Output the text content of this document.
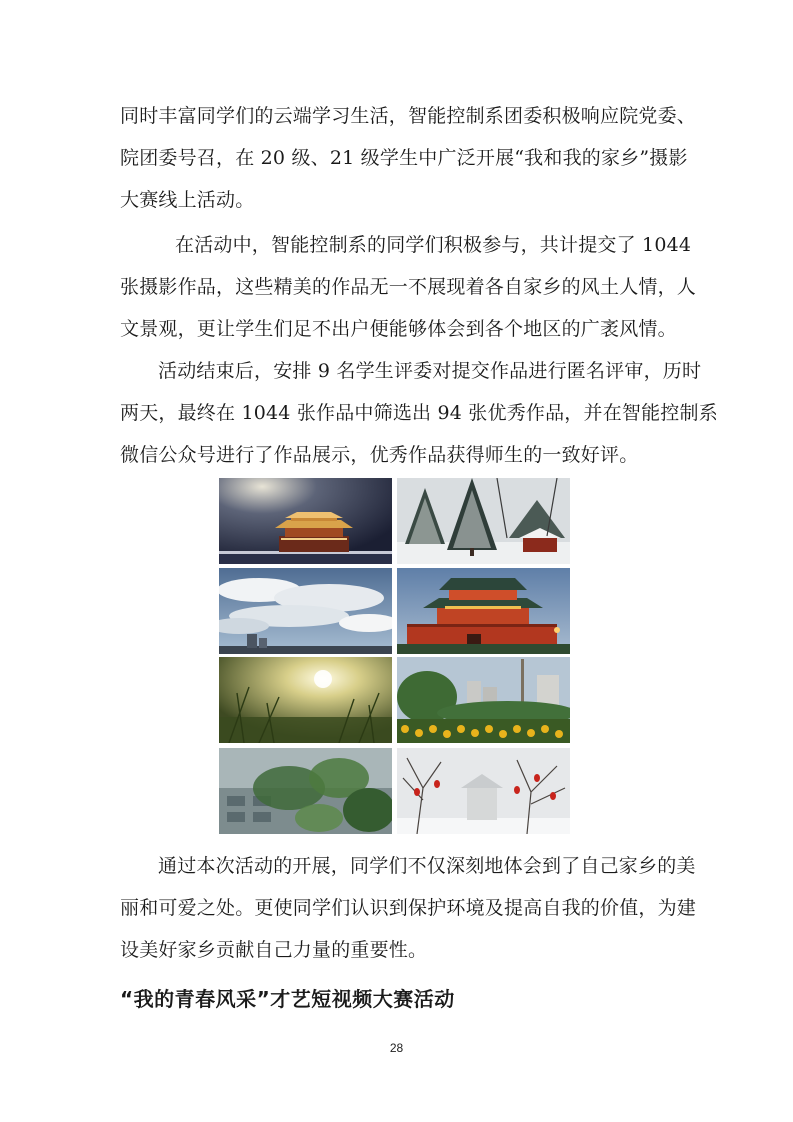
同时丰富同学们的云端学习生活，智能控制系团委积极响应院党委、
院团委号召，在 20 级、21 级学生中广泛开展“我和我的家乡”摄影
大赛线上活动。
在活动中，智能控制系的同学们积极参与，共计提交了 1044
张摄影作品，这些精美的作品无一不展现着各自家乡的风土人情，人
文景观，更让学生们足不出户便能够体会到各个地区的广袤风情。
活动结束后，安排 9 名学生评委对提交作品进行匿名评审，历时
两天，最终在 1044 张作品中筛选出 94 张优秀作品，并在智能控制系
微信公众号进行了作品展示，优秀作品获得师生的一致好评。
通过本次活动的开展，同学们不仅深刻地体会到了自己家乡的美
丽和可爱之处。更使同学们认识到保护环境及提高自我的价值，为建
设美好家乡贡献自己力量的重要性。
“我的青春风采”才艺短视频大赛活动
28
